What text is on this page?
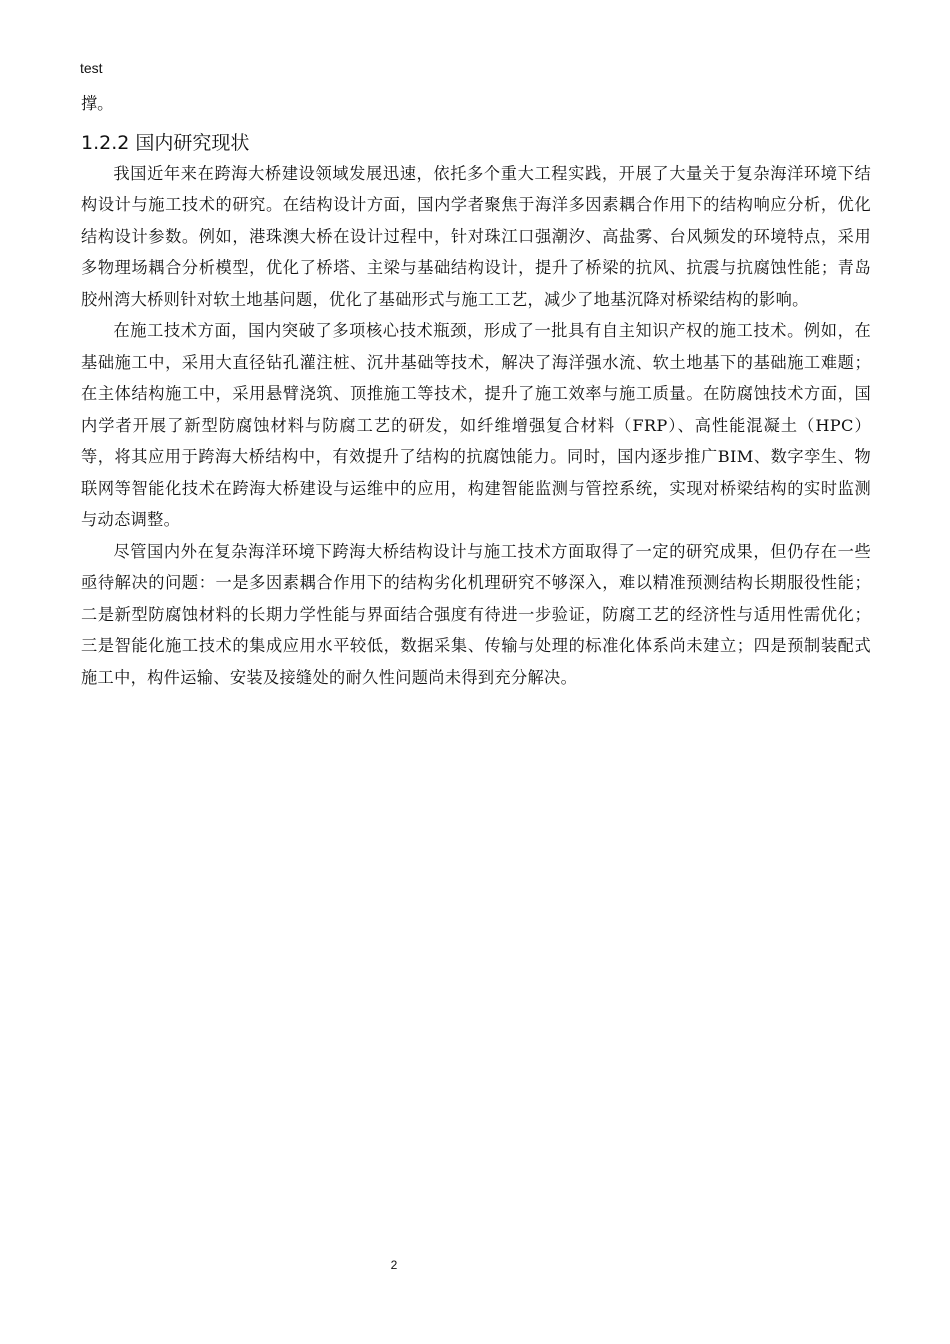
test

撑。

1.2.2 国内研究现状

我国近年来在跨海大桥建设领域发展迅速，依托多个重大工程实践，开展了大量关于复杂海洋环境下结构设计与施工技术的研究。在结构设计方面，国内学者聚焦于海洋多因素耦合作用下的结构响应分析，优化结构设计参数。例如，港珠澳大桥在设计过程中，针对珠江口强潮汐、高盐雾、台风频发的环境特点，采用多物理场耦合分析模型，优化了桥塔、主梁与基础结构设计，提升了桥梁的抗风、抗震与抗腐蚀性能；青岛胶州湾大桥则针对软土地基问题，优化了基础形式与施工工艺，减少了地基沉降对桥梁结构的影响。

在施工技术方面，国内突破了多项核心技术瓶颈，形成了一批具有自主知识产权的施工技术。例如，在基础施工中，采用大直径钻孔灌注桩、沉井基础等技术，解决了海洋强水流、软土地基下的基础施工难题；在主体结构施工中，采用悬臂浇筑、顶推施工等技术，提升了施工效率与施工质量。在防腐蚀技术方面，国内学者开展了新型防腐蚀材料与防腐工艺的研发，如纤维增强复合材料（FRP）、高性能混凝土（HPC）等，将其应用于跨海大桥结构中，有效提升了结构的抗腐蚀能力。同时，国内逐步推广BIM、数字孪生、物联网等智能化技术在跨海大桥建设与运维中的应用，构建智能监测与管控系统，实现对桥梁结构的实时监测与动态调整。

尽管国内外在复杂海洋环境下跨海大桥结构设计与施工技术方面取得了一定的研究成果，但仍存在一些亟待解决的问题：一是多因素耦合作用下的结构劣化机理研究不够深入，难以精准预测结构长期服役性能；二是新型防腐蚀材料的长期力学性能与界面结合强度有待进一步验证，防腐工艺的经济性与适用性需优化；三是智能化施工技术的集成应用水平较低，数据采集、传输与处理的标准化体系尚未建立；四是预制装配式施工中，构件运输、安装及接缝处的耐久性问题尚未得到充分解决。

2
